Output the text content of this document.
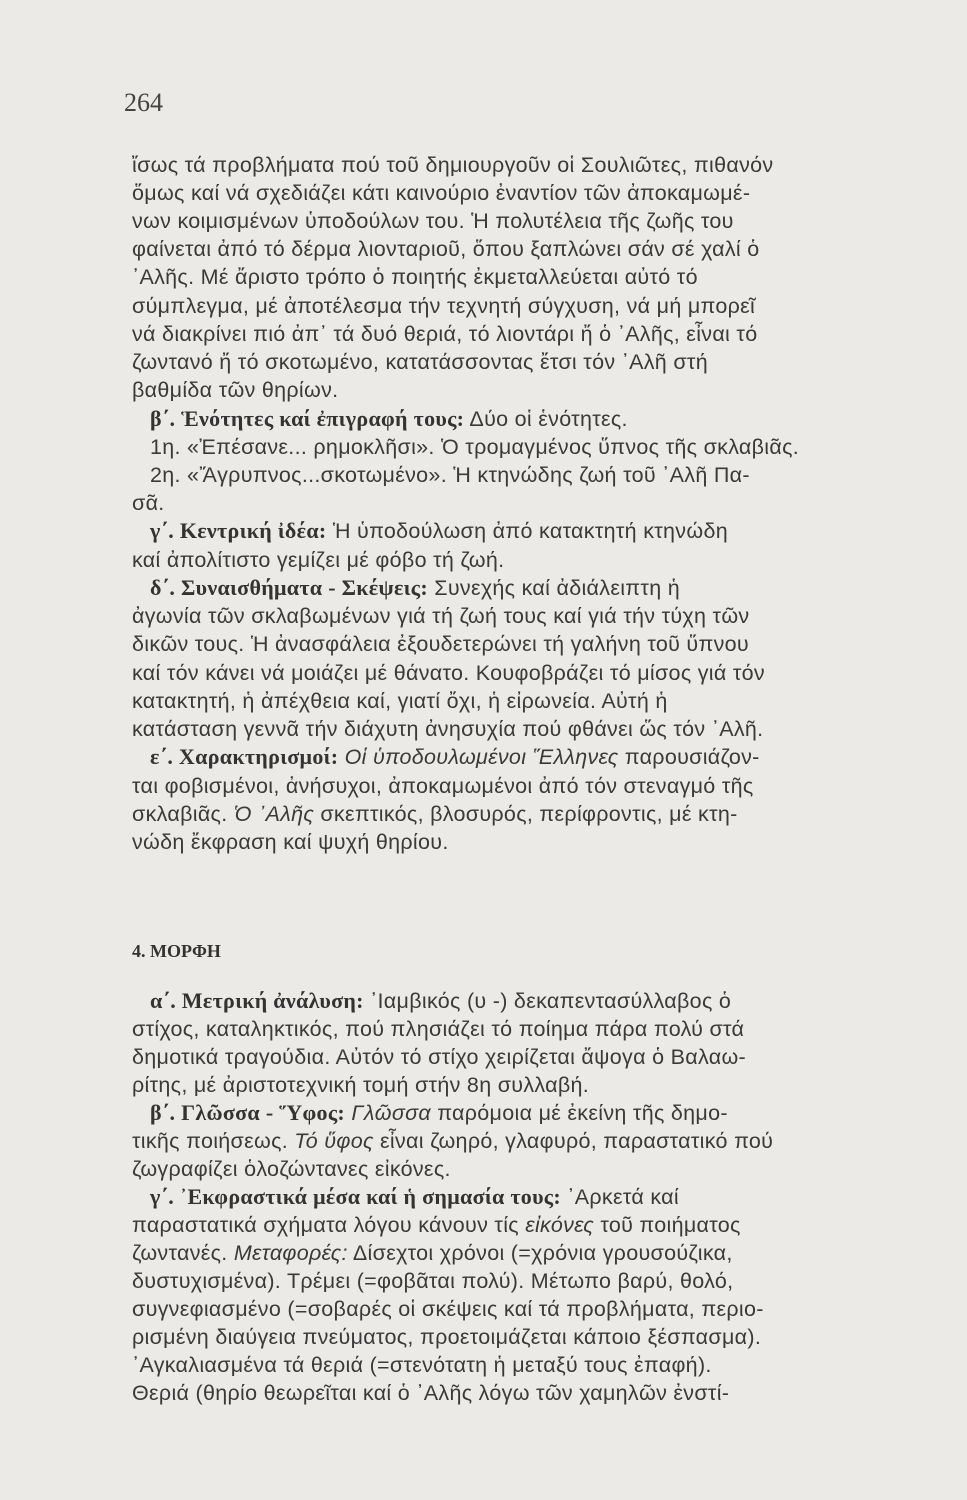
264
ἴσως τά προβλήματα πού τοῦ δημιουργοῦν οἱ Σουλιῶτες, πιθανόν
ὅμως καί νά σχεδιάζει κάτι καινούριο ἐναντίον τῶν ἀποκαμωμέ-
νων κοιμισμένων ὑποδούλων του. Ἡ πολυτέλεια τῆς ζωῆς του
φαίνεται ἀπό τό δέρμα λιονταριοῦ, ὅπου ξαπλώνει σάν σέ χαλί ὁ
᾿Αλῆς. Μέ ἄριστο τρόπο ὁ ποιητής ἐκμεταλλεύεται αὐτό τό
σύμπλεγμα, μέ ἀποτέλεσμα τήν τεχνητή σύγχυση, νά μή μπορεῖ
νά διακρίνει πιό ἀπ᾿ τά δυό θεριά, τό λιοντάρι ἤ ὁ ᾿Αλῆς, εἶναι τό
ζωντανό ἤ τό σκοτωμένο, κατατάσσοντας ἔτσι τόν ᾿Αλῆ στή
βαθμίδα τῶν θηρίων.
β΄. Ἑνότητες καί ἐπιγραφή τους: Δύο οἱ ἑνότητες.
1η. «Ἐπέσανε... ρημοκλῆσι». Ὁ τρομαγμένος ὕπνος τῆς σκλαβιᾶς.
2η. «Ἄγρυπνος...σκοτωμένο». Ἡ κτηνώδης ζωή τοῦ ᾿Αλῆ Πα-
σᾶ.
γ΄. Κεντρική ἰδέα: Ἡ ὑποδούλωση ἀπό κατακτητή κτηνώδη
καί ἀπολίτιστο γεμίζει μέ φόβο τή ζωή.
δ΄. Συναισθήματα - Σκέψεις: Συνεχής καί ἀδιάλειπτη ἡ
ἀγωνία τῶν σκλαβωμένων γιά τή ζωή τους καί γιά τήν τύχη τῶν
δικῶν τους. Ἡ ἀνασφάλεια ἐξουδετερώνει τή γαλήνη τοῦ ὕπνου
καί τόν κάνει νά μοιάζει μέ θάνατο. Κουφοβράζει τό μίσος γιά τόν
κατακτητή, ἡ ἀπέχθεια καί, γιατί ὄχι, ἡ εἰρωνεία. Αὐτή ἡ
κατάσταση γεννᾶ τήν διάχυτη ἀνησυχία πού φθάνει ὥς τόν ᾿Αλῆ.
ε΄. Χαρακτηρισμοί: Οἱ ὑποδουλωμένοι Ἕλληνες παρουσιάζον-
ται φοβισμένοι, ἀνήσυχοι, ἀποκαμωμένοι ἀπό τόν στεναγμό τῆς
σκλαβιᾶς. Ὁ ᾿Αλῆς σκεπτικός, βλοσυρός, περίφροντις, μέ κτη-
νώδη ἔκφραση καί ψυχή θηρίου.
4. ΜΟΡΦΗ
α΄. Μετρική ἀνάλυση: ᾿Ιαμβικός (υ -) δεκαπεντασύλλαβος ὁ
στίχος, καταληκτικός, πού πλησιάζει τό ποίημα πάρα πολύ στά
δημοτικά τραγούδια. Αὐτόν τό στίχο χειρίζεται ἄψογα ὁ Βαλαω-
ρίτης, μέ ἀριστοτεχνική τομή στήν 8η συλλαβή.
β΄. Γλῶσσα - Ὕφος: Γλῶσσα παρόμοια μέ ἐκείνη τῆς δημο-
τικῆς ποιήσεως. Τό ὕφος εἶναι ζωηρό, γλαφυρό, παραστατικό πού
ζωγραφίζει ὁλοζώντανες εἰκόνες.
γ΄. ᾿Εκφραστικά μέσα καί ἡ σημασία τους: ᾿Αρκετά καί
παραστατικά σχήματα λόγου κάνουν τίς εἰκόνες τοῦ ποιήματος
ζωντανές. Μεταφορές: Δίσεχτοι χρόνοι (=χρόνια γρουσούζικα,
δυστυχισμένα). Τρέμει (=φοβᾶται πολύ). Μέτωπο βαρύ, θολό,
συγνεφιασμένο (=σοβαρές οἱ σκέψεις καί τά προβλήματα, περιο-
ρισμένη διαύγεια πνεύματος, προετοιμάζεται κάποιο ξέσπασμα).
᾿Αγκαλιασμένα τά θεριά (=στενότατη ἡ μεταξύ τους ἐπαφή).
Θεριά (θηρίο θεωρεῖται καί ὁ ᾿Αλῆς λόγω τῶν χαμηλῶν ἐνστί-
